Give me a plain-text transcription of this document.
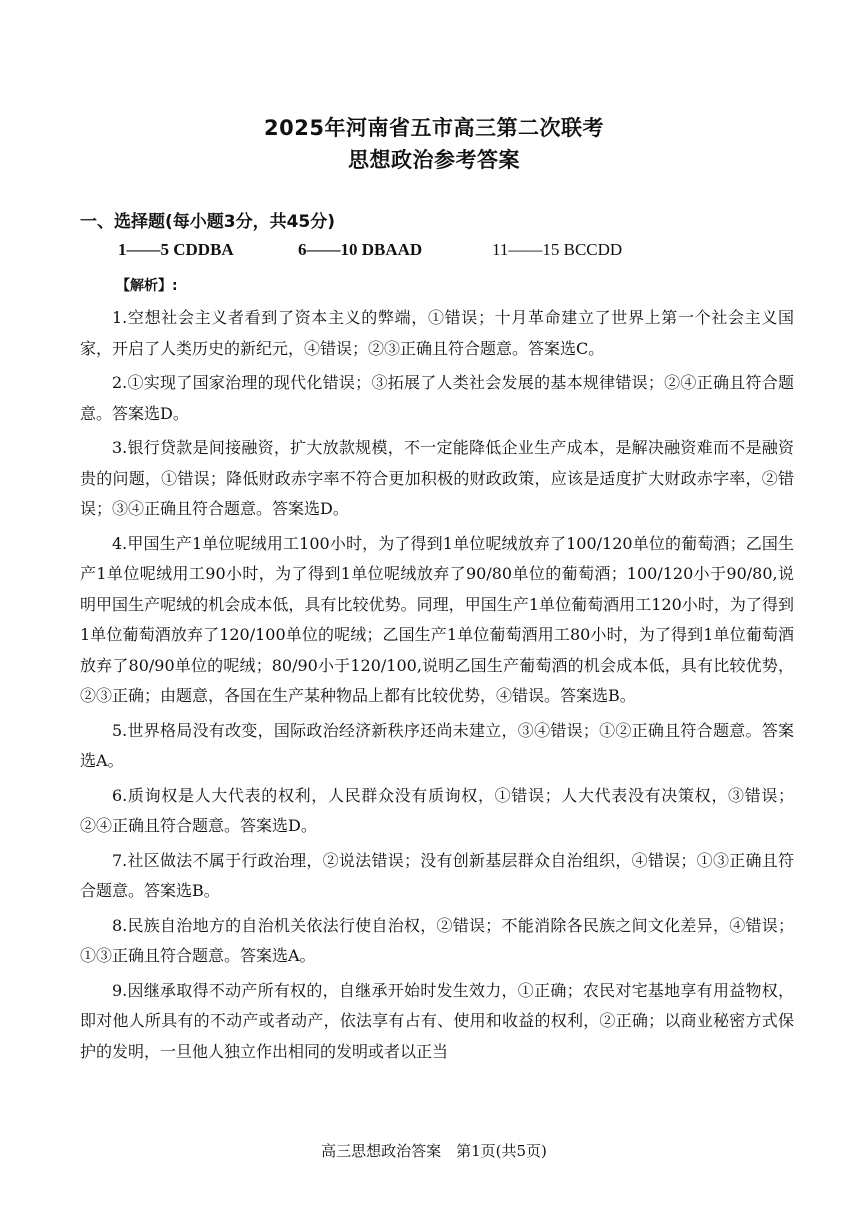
2025年河南省五市高三第二次联考
思想政治参考答案
一、选择题(每小题3分，共45分)
1——5 CDDBA	6——10 DBAAD	11——15 BCCDD
【解析】:

1.空想社会主义者看到了资本主义的弊端，①错误；十月革命建立了世界上第一个社会主义国家，开启了人类历史的新纪元，④错误；②③正确且符合题意。答案选C。

2.①实现了国家治理的现代化错误；③拓展了人类社会发展的基本规律错误；②④正确且符合题意。答案选D。

3.银行贷款是间接融资，扩大放款规模，不一定能降低企业生产成本，是解决融资难而不是融资贵的问题，①错误；降低财政赤字率不符合更加积极的财政政策，应该是适度扩大财政赤字率，②错误；③④正确且符合题意。答案选D。

4.甲国生产1单位呢绒用工100小时，为了得到1单位呢绒放弃了100/120单位的葡萄酒；乙国生产1单位呢绒用工90小时，为了得到1单位呢绒放弃了90/80单位的葡萄酒；100/120小于90/80,说明甲国生产呢绒的机会成本低，具有比较优势。同理，甲国生产1单位葡萄酒用工120小时，为了得到1单位葡萄酒放弃了120/100单位的呢绒；乙国生产1单位葡萄酒用工80小时，为了得到1单位葡萄酒放弃了80/90单位的呢绒；80/90小于120/100,说明乙国生产葡萄酒的机会成本低，具有比较优势，②③正确；由题意，各国在生产某种物品上都有比较优势，④错误。答案选B。

5.世界格局没有改变，国际政治经济新秩序还尚未建立，③④错误；①②正确且符合题意。答案选A。

6.质询权是人大代表的权利，人民群众没有质询权，①错误；人大代表没有决策权，③错误；②④正确且符合题意。答案选D。

7.社区做法不属于行政治理，②说法错误；没有创新基层群众自治组织，④错误；①③正确且符合题意。答案选B。

8.民族自治地方的自治机关依法行使自治权，②错误；不能消除各民族之间文化差异，④错误；①③正确且符合题意。答案选A。

9.因继承取得不动产所有权的，自继承开始时发生效力，①正确；农民对宅基地享有用益物权，即对他人所具有的不动产或者动产，依法享有占有、使用和收益的权利，②正确；以商业秘密方式保护的发明，一旦他人独立作出相同的发明或者以正当

高三思想政治答案　第1页(共5页)
